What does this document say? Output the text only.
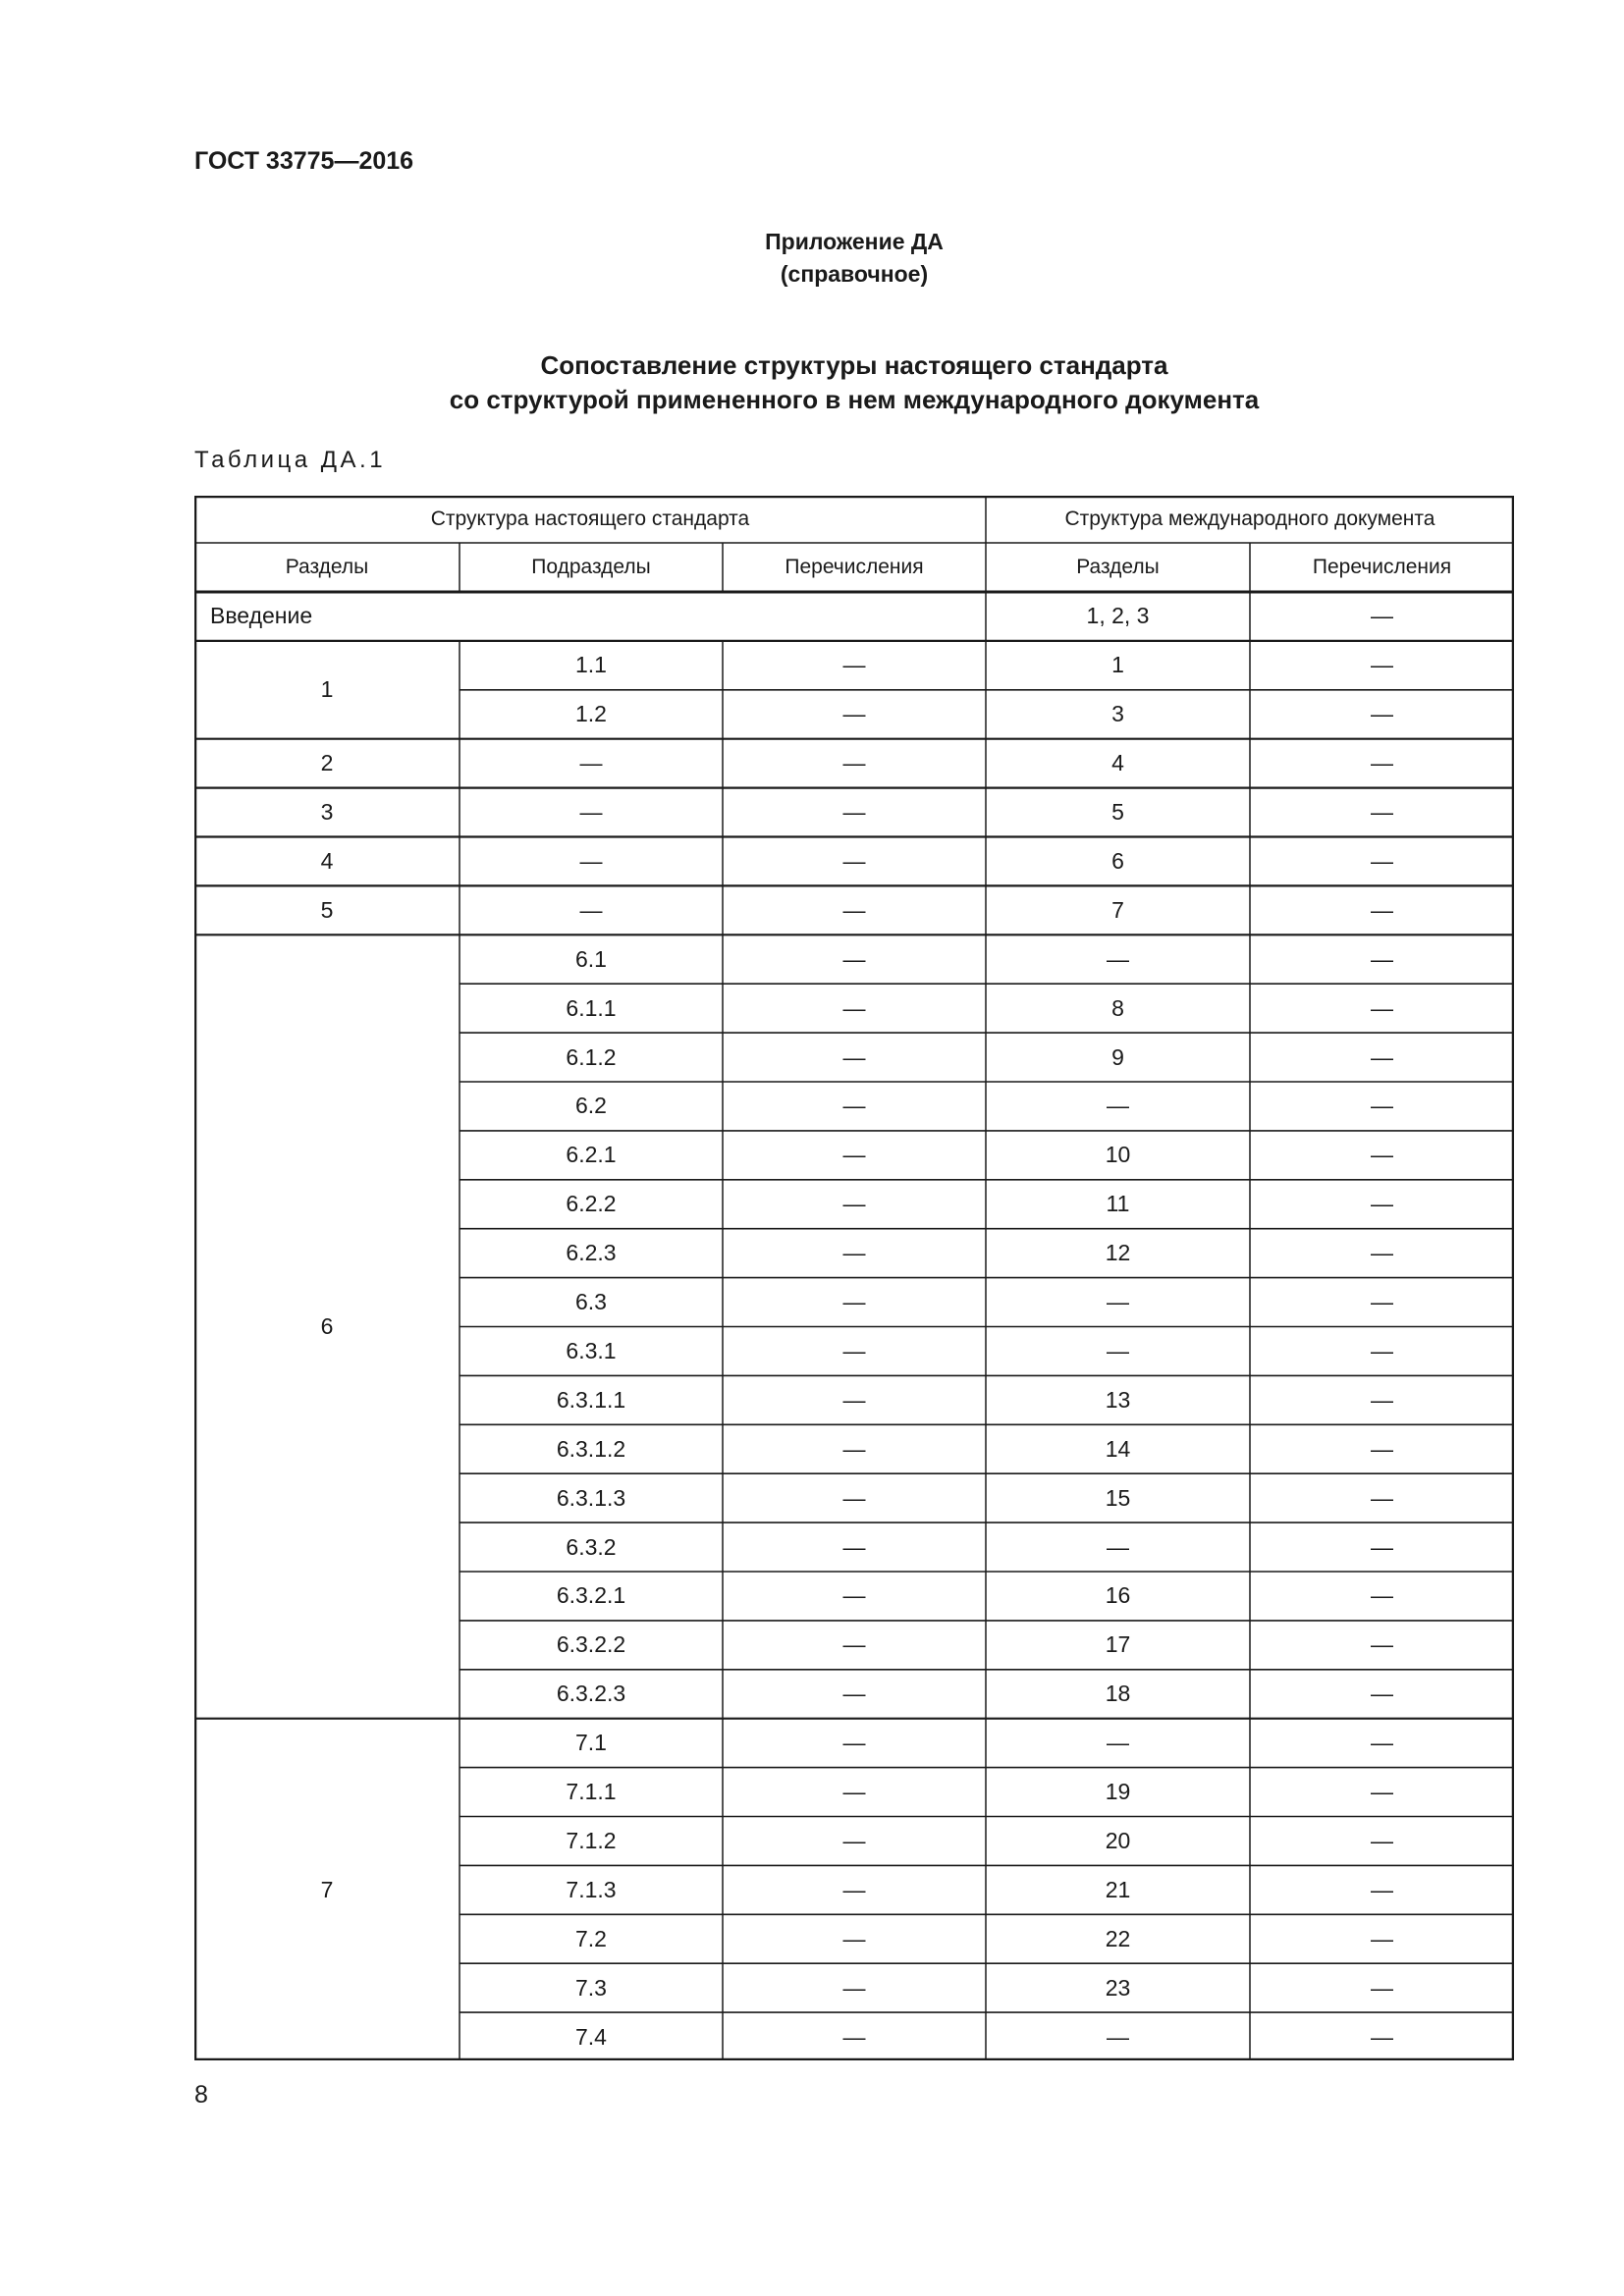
ГОСТ 33775—2016
Приложение ДА
(справочное)
Сопоставление структуры настоящего стандарта
со структурой примененного в нем международного документа
Таблица ДА.1
Структура настоящего стандарта	Структура международного документа
Разделы	Подразделы	Перечисления	Разделы	Перечисления
Введение	1, 2, 3	—
1
1.1	—	1	—
1.2	—	3	—
2	—	—	4	—
3	—	—	5	—
4	—	—	6	—
5	—	—	7	—
6
6.1	—	—	—
6.1.1	—	8	—
6.1.2	—	9	—
6.2	—	—	—
6.2.1	—	10	—
6.2.2	—	11	—
6.2.3	—	12	—
6.3	—	—	—
6.3.1	—	—	—
6.3.1.1	—	13	—
6.3.1.2	—	14	—
6.3.1.3	—	15	—
6.3.2	—	—	—
6.3.2.1	—	16	—
6.3.2.2	—	17	—
6.3.2.3	—	18	—
7
7.1	—	—	—
7.1.1	—	19	—
7.1.2	—	20	—
7.1.3	—	21	—
7.2	—	22	—
7.3	—	23	—
7.4	—	—	—
8
